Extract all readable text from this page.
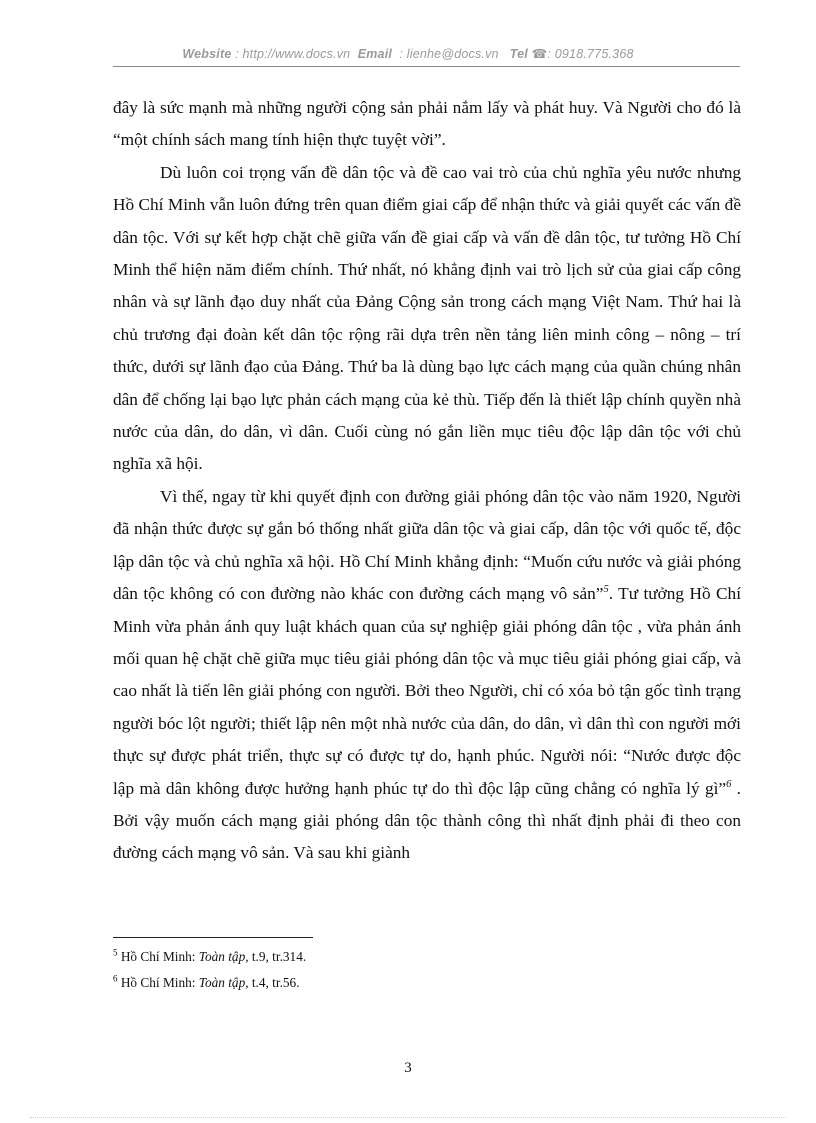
Website : http://www.docs.vn Email : lienhe@docs.vn Tel ☎: 0918.775.368

đây là sức mạnh mà những người cộng sản phải nắm lấy và phát huy. Và Người cho đó là “một chính sách mang tính hiện thực tuyệt vời”.

Dù luôn coi trọng vấn đề dân tộc và đề cao vai trò của chủ nghĩa yêu nước nhưng Hồ Chí Minh vẫn luôn đứng trên quan điểm giai cấp để nhận thức và giải quyết các vấn đề dân tộc. Với sự kết hợp chặt chẽ giữa vấn đề giai cấp và vấn đề dân tộc, tư tưởng Hồ Chí Minh thể hiện năm điểm chính. Thứ nhất, nó khẳng định vai trò lịch sử của giai cấp công nhân và sự lãnh đạo duy nhất của Đảng Cộng sản trong cách mạng Việt Nam. Thứ hai là chủ trương đại đoàn kết dân tộc rộng rãi dựa trên nền tảng liên minh công – nông – trí thức, dưới sự lãnh đạo của Đảng. Thứ ba là dùng bạo lực cách mạng của quần chúng nhân dân để chống lại bạo lực phản cách mạng của kẻ thù. Tiếp đến là thiết lập chính quyền nhà nước của dân, do dân, vì dân. Cuối cùng nó gắn liền mục tiêu độc lập dân tộc với chủ nghĩa xã hội.

Vì thế, ngay từ khi quyết định con đường giải phóng dân tộc vào năm 1920, Người đã nhận thức được sự gắn bó thống nhất giữa dân tộc và giai cấp, dân tộc với quốc tế, độc lập dân tộc và chủ nghĩa xã hội. Hồ Chí Minh khẳng định: “Muốn cứu nước và giải phóng dân tộc không có con đường nào khác con đường cách mạng vô sản”$^5$. Tư tưởng Hồ Chí Minh vừa phản ánh quy luật khách quan của sự nghiệp giải phóng dân tộc , vừa phản ánh mối quan hệ chặt chẽ giữa mục tiêu giải phóng dân tộc và mục tiêu giải phóng giai cấp, và cao nhất là tiến lên giải phóng con người. Bởi theo Người, chỉ có xóa bỏ tận gốc tình trạng người bóc lột người; thiết lập nên một nhà nước của dân, do dân, vì dân thì con người mới thực sự được phát triển, thực sự có được tự do, hạnh phúc. Người nói: “Nước được độc lập mà dân không được hưởng hạnh phúc tự do thì độc lập cũng chẳng có nghĩa lý gì”$^6$ . Bởi vậy muốn cách mạng giải phóng dân tộc thành công thì nhất định phải đi theo con đường cách mạng vô sản. Và sau khi giành

$^5$ Hồ Chí Minh: Toàn tập, t.9, tr.314.

$^6$ Hồ Chí Minh: Toàn tập, t.4, tr.56.

3
